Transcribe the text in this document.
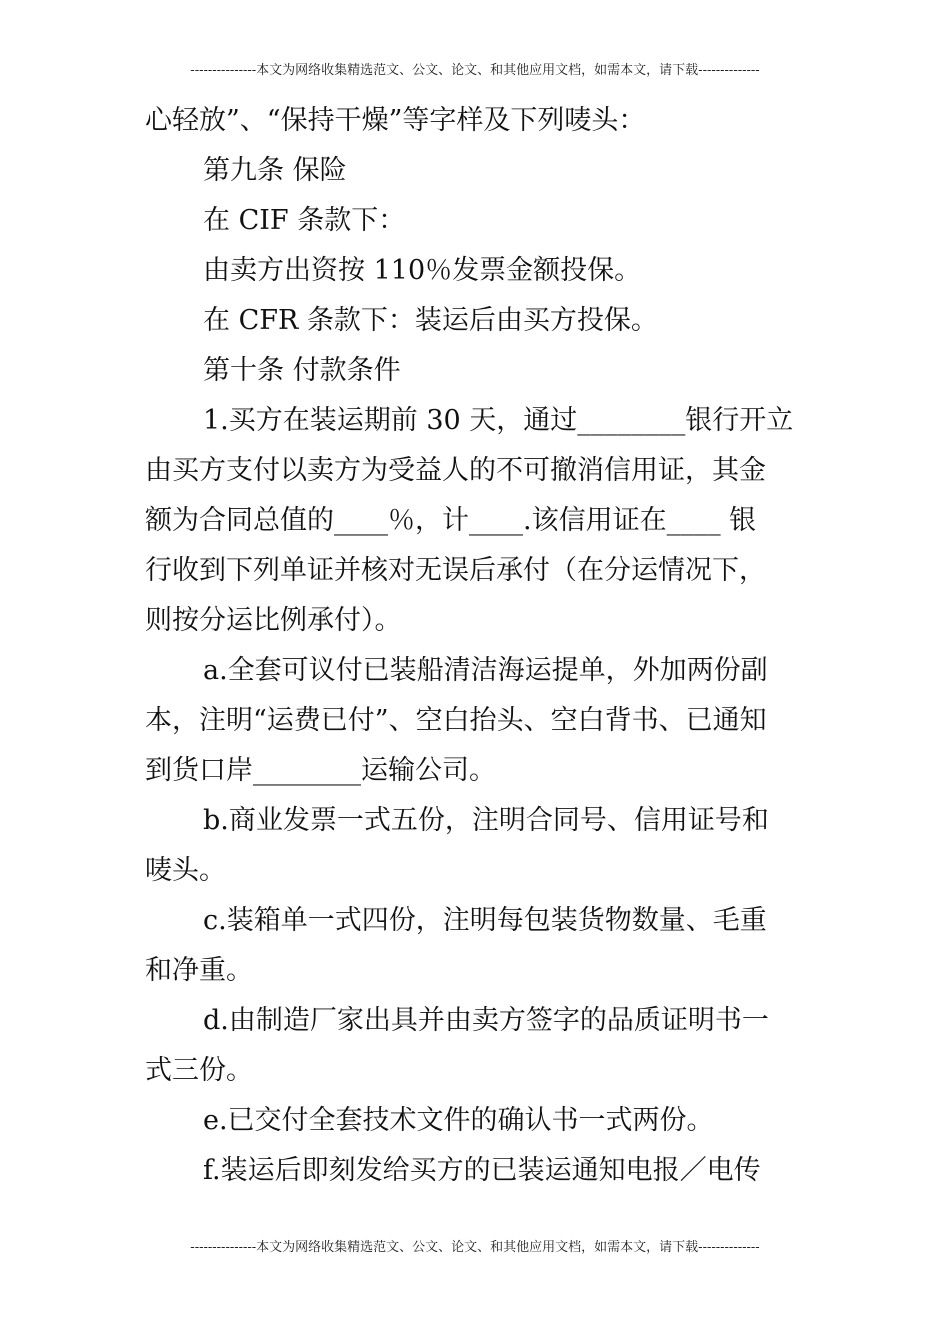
---------------本文为网络收集精选范文、公文、论文、和其他应用文档，如需本文，请下载--------------
心轻放”、“保持干燥”等字样及下列唛头：
第九条 保险
在 CIF 条款下：
由卖方出资按 110％发票金额投保。
在 CFR 条款下：装运后由买方投保。
第十条 付款条件
1.买方在装运期前 30 天，通过________银行开立
由买方支付以卖方为受益人的不可撤消信用证，其金
额为合同总值的____％，计____.该信用证在____ 银
行收到下列单证并核对无误后承付（在分运情况下，
则按分运比例承付）。
a.全套可议付已装船清洁海运提单，外加两份副
本，注明“运费已付”、空白抬头、空白背书、已通知
到货口岸________运输公司。
b.商业发票一式五份，注明合同号、信用证号和
唛头。
c.装箱单一式四份，注明每包装货物数量、毛重
和净重。
d.由制造厂家出具并由卖方签字的品质证明书一
式三份。
e.已交付全套技术文件的确认书一式两份。
f.装运后即刻发给买方的已装运通知电报／电传
---------------本文为网络收集精选范文、公文、论文、和其他应用文档，如需本文，请下载--------------
